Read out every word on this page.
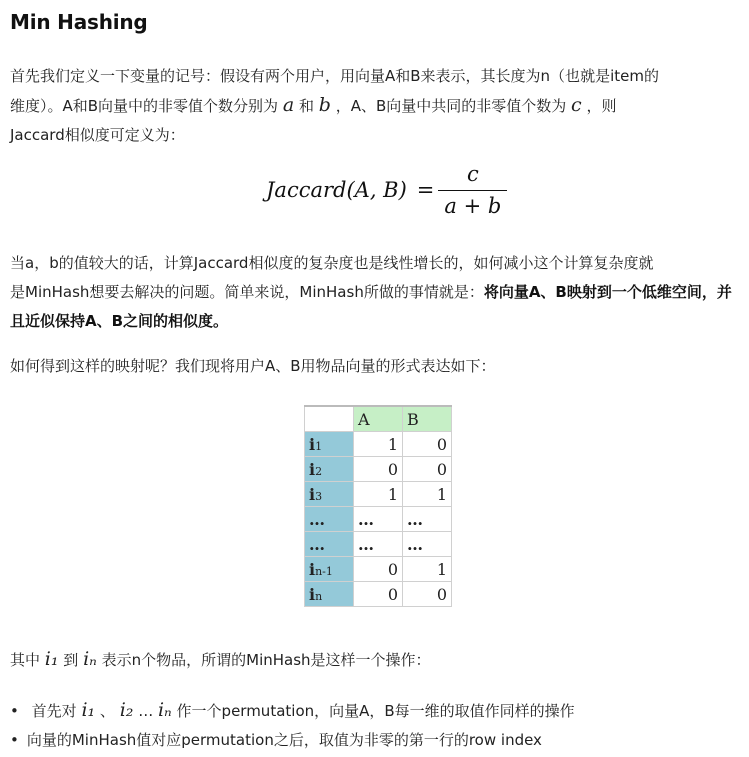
Min Hashing
首先我们定义一下变量的记号：假设有两个用户，用向量A和B来表示，其长度为n（也就是item的
维度）。A和B向量中的非零值个数分别为 a 和 b ，A、B向量中共同的非零值个数为 c ，则
Jaccard相似度可定义为：
Jaccard(A, $B) = \frac{c}{a + b}$
当a，b的值较大的话，计算Jaccard相似度的复杂度也是线性增长的，如何减小这个计算复杂度就
是MinHash想要去解决的问题。简单来说，MinHash所做的事情就是：将向量A、B映射到一个低维空间，并且近似保持A、B之间的相似度。
如何得到这样的映射呢？我们现将用户A、B用物品向量的形式表达如下：
	A	B
i1	1	0
i2	0	0
i3	1	1
…	…	…
…	…	…
in-1	0	1
in	0	0
其中 i₁ 到 iₙ 表示n个物品，所谓的MinHash是这样一个操作：
• 首先对 i₁ 、 i₂ … iₙ 作一个permutation，向量A，B每一维的取值作同样的操作
• 向量的MinHash值对应permutation之后，取值为非零的第一行的row index
